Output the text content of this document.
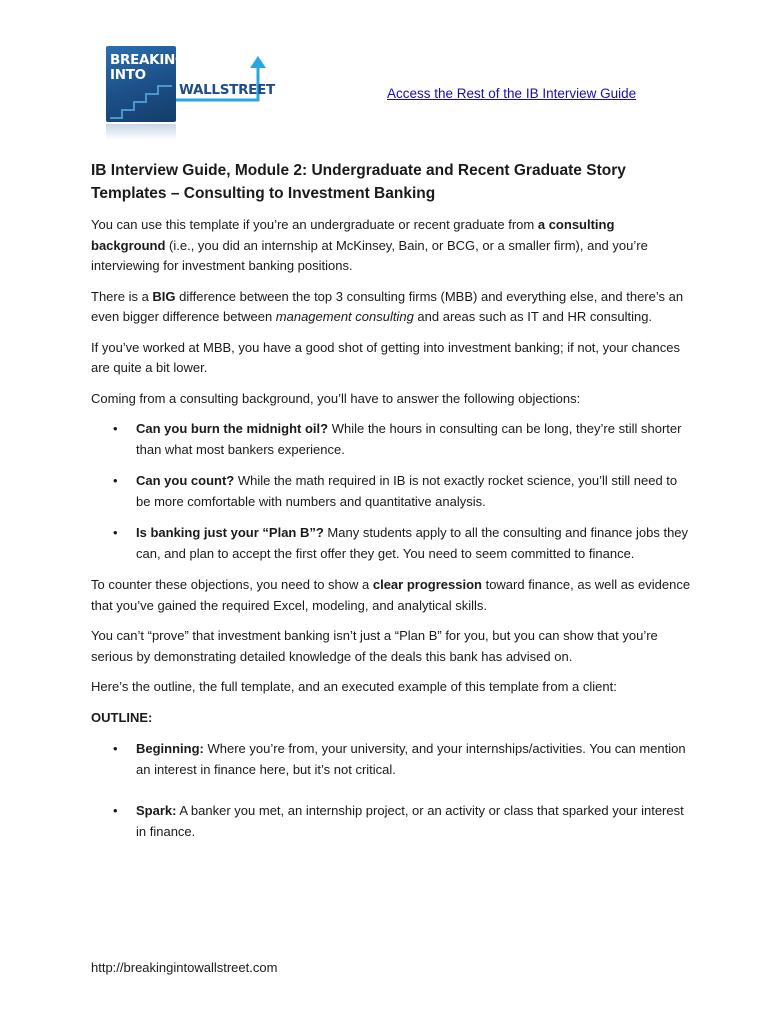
BREAKING
INTO
WALLSTREET	Access the Rest of the IB Interview Guide
IB Interview Guide, Module 2: Undergraduate and Recent Graduate Story Templates – Consulting to Investment Banking

You can use this template if you’re an undergraduate or recent graduate from a consulting background (i.e., you did an internship at McKinsey, Bain, or BCG, or a smaller firm), and you’re interviewing for investment banking positions.

There is a BIG difference between the top 3 consulting firms (MBB) and everything else, and there’s an even bigger difference between management consulting and areas such as IT and HR consulting.

If you’ve worked at MBB, you have a good shot of getting into investment banking; if not, your chances are quite a bit lower.

Coming from a consulting background, you’ll have to answer the following objections:

• Can you burn the midnight oil? While the hours in consulting can be long, they’re still shorter than what most bankers experience.
• Can you count? While the math required in IB is not exactly rocket science, you’ll still need to be more comfortable with numbers and quantitative analysis.
• Is banking just your “Plan B”? Many students apply to all the consulting and finance jobs they can, and plan to accept the first offer they get. You need to seem committed to finance.

To counter these objections, you need to show a clear progression toward finance, as well as evidence that you’ve gained the required Excel, modeling, and analytical skills.

You can’t “prove” that investment banking isn’t just a “Plan B” for you, but you can show that you’re serious by demonstrating detailed knowledge of the deals this bank has advised on.

Here’s the outline, the full template, and an executed example of this template from a client:

OUTLINE:

• Beginning: Where you’re from, your university, and your internships/activities. You can mention an interest in finance here, but it’s not critical.
• Spark: A banker you met, an internship project, or an activity or class that sparked your interest in finance.
http://breakingintowallstreet.com
